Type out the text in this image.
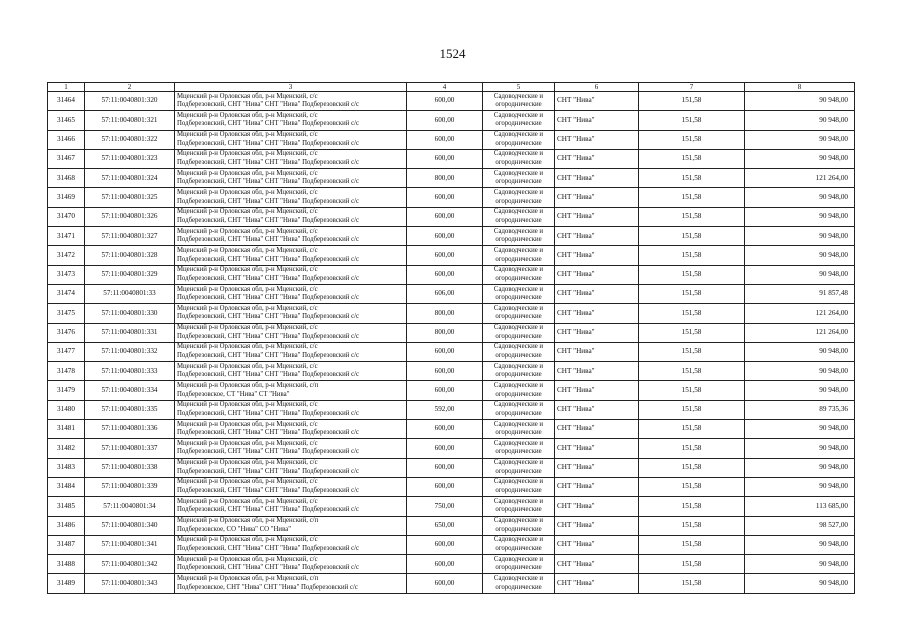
1524
1	2	3	4	5	6	7	8
31464	57:11:0040801:320	Мценский р-н Орловская обл, р-н Мценский, с/с
Подберезовский, СНТ "Нива" СНТ "Нива" Подберезовский с/с	600,00	Садоводческие и
огороднические	СНТ "Нива"	151,58	90 948,00
31465	57:11:0040801:321	Мценский р-н Орловская обл, р-н Мценский, с/с
Подберезовский, СНТ "Нива" СНТ "Нива" Подберезовский с/с	600,00	Садоводческие и
огороднические	СНТ "Нива"	151,58	90 948,00
31466	57:11:0040801:322	Мценский р-н Орловская обл, р-н Мценский, с/с
Подберезовский, СНТ "Нива" СНТ "Нива" Подберезовский с/с	600,00	Садоводческие и
огороднические	СНТ "Нива"	151,58	90 948,00
31467	57:11:0040801:323	Мценский р-н Орловская обл, р-н Мценский, с/с
Подберезовский, СНТ "Нива" СНТ "Нива" Подберезовский с/с	600,00	Садоводческие и
огороднические	СНТ "Нива"	151,58	90 948,00
31468	57:11:0040801:324	Мценский р-н Орловская обл, р-н Мценский, с/с
Подберезовский, СНТ "Нива" СНТ "Нива" Подберезовский с/с	800,00	Садоводческие и
огороднические	СНТ "Нива"	151,58	121 264,00
31469	57:11:0040801:325	Мценский р-н Орловская обл, р-н Мценский, с/с
Подберезовский, СНТ "Нива" СНТ "Нива" Подберезовский с/с	600,00	Садоводческие и
огороднические	СНТ "Нива"	151,58	90 948,00
31470	57:11:0040801:326	Мценский р-н Орловская обл, р-н Мценский, с/с
Подберезовский, СНТ "Нива" СНТ "Нива" Подберезовский с/с	600,00	Садоводческие и
огороднические	СНТ "Нива"	151,58	90 948,00
31471	57:11:0040801:327	Мценский р-н Орловская обл, р-н Мценский, с/с
Подберезовский, СНТ "Нива" СНТ "Нива" Подберезовский с/с	600,00	Садоводческие и
огороднические	СНТ "Нива"	151,58	90 948,00
31472	57:11:0040801:328	Мценский р-н Орловская обл, р-н Мценский, с/с
Подберезовский, СНТ "Нива" СНТ "Нива" Подберезовский с/с	600,00	Садоводческие и
огороднические	СНТ "Нива"	151,58	90 948,00
31473	57:11:0040801:329	Мценский р-н Орловская обл, р-н Мценский, с/с
Подберезовский, СНТ "Нива" СНТ "Нива" Подберезовский с/с	600,00	Садоводческие и
огороднические	СНТ "Нива"	151,58	90 948,00
31474	57:11:0040801:33	Мценский р-н Орловская обл, р-н Мценский, с/с
Подберезовский, СНТ "Нива" СНТ "Нива" Подберезовский с/с	606,00	Садоводческие и
огороднические	СНТ "Нива"	151,58	91 857,48
31475	57:11:0040801:330	Мценский р-н Орловская обл, р-н Мценский, с/с
Подберезовский, СНТ "Нива" СНТ "Нива" Подберезовский с/с	800,00	Садоводческие и
огороднические	СНТ "Нива"	151,58	121 264,00
31476	57:11:0040801:331	Мценский р-н Орловская обл, р-н Мценский, с/с
Подберезовский, СНТ "Нива" СНТ "Нива" Подберезовский с/с	800,00	Садоводческие и
огороднические	СНТ "Нива"	151,58	121 264,00
31477	57:11:0040801:332	Мценский р-н Орловская обл, р-н Мценский, с/с
Подберезовский, СНТ "Нива" СНТ "Нива" Подберезовский с/с	600,00	Садоводческие и
огороднические	СНТ "Нива"	151,58	90 948,00
31478	57:11:0040801:333	Мценский р-н Орловская обл, р-н Мценский, с/с
Подберезовский, СНТ "Нива" СНТ "Нива" Подберезовский с/с	600,00	Садоводческие и
огороднические	СНТ "Нива"	151,58	90 948,00
31479	57:11:0040801:334	Мценский р-н Орловская обл, р-н Мценский, с/п
Подберезовское, СТ "Нива" СТ "Нива"	600,00	Садоводческие и
огороднические	СНТ "Нива"	151,58	90 948,00
31480	57:11:0040801:335	Мценский р-н Орловская обл, р-н Мценский, с/с
Подберезовский, СНТ "Нива" СНТ "Нива" Подберезовский с/с	592,00	Садоводческие и
огороднические	СНТ "Нива"	151,58	89 735,36
31481	57:11:0040801:336	Мценский р-н Орловская обл, р-н Мценский, с/с
Подберезовский, СНТ "Нива" СНТ "Нива" Подберезовский с/с	600,00	Садоводческие и
огороднические	СНТ "Нива"	151,58	90 948,00
31482	57:11:0040801:337	Мценский р-н Орловская обл, р-н Мценский, с/с
Подберезовский, СНТ "Нива" СНТ "Нива" Подберезовский с/с	600,00	Садоводческие и
огороднические	СНТ "Нива"	151,58	90 948,00
31483	57:11:0040801:338	Мценский р-н Орловская обл, р-н Мценский, с/с
Подберезовский, СНТ "Нива" СНТ "Нива" Подберезовский с/с	600,00	Садоводческие и
огороднические	СНТ "Нива"	151,58	90 948,00
31484	57:11:0040801:339	Мценский р-н Орловская обл, р-н Мценский, с/с
Подберезовский, СНТ "Нива" СНТ "Нива" Подберезовский с/с	600,00	Садоводческие и
огороднические	СНТ "Нива"	151,58	90 948,00
31485	57:11:0040801:34	Мценский р-н Орловская обл, р-н Мценский, с/с
Подберезовский, СНТ "Нива" СНТ "Нива" Подберезовский с/с	750,00	Садоводческие и
огороднические	СНТ "Нива"	151,58	113 685,00
31486	57:11:0040801:340	Мценский р-н Орловская обл, р-н Мценский, с/п
Подберезовское, СО "Нива" СО "Нива"	650,00	Садоводческие и
огороднические	СНТ "Нива"	151,58	98 527,00
31487	57:11:0040801:341	Мценский р-н Орловская обл, р-н Мценский, с/с
Подберезовский, СНТ "Нива" СНТ "Нива" Подберезовский с/с	600,00	Садоводческие и
огороднические	СНТ "Нива"	151,58	90 948,00
31488	57:11:0040801:342	Мценский р-н Орловская обл, р-н Мценский, с/с
Подберезовский, СНТ "Нива" СНТ "Нива" Подберезовский с/с	600,00	Садоводческие и
огороднические	СНТ "Нива"	151,58	90 948,00
31489	57:11:0040801:343	Мценский р-н Орловская обл, р-н Мценский, с/п
Подберезовское, СНТ "Нива" СНТ "Нива" Подберезовский с/с	600,00	Садоводческие и
огороднические	СНТ "Нива"	151,58	90 948,00
